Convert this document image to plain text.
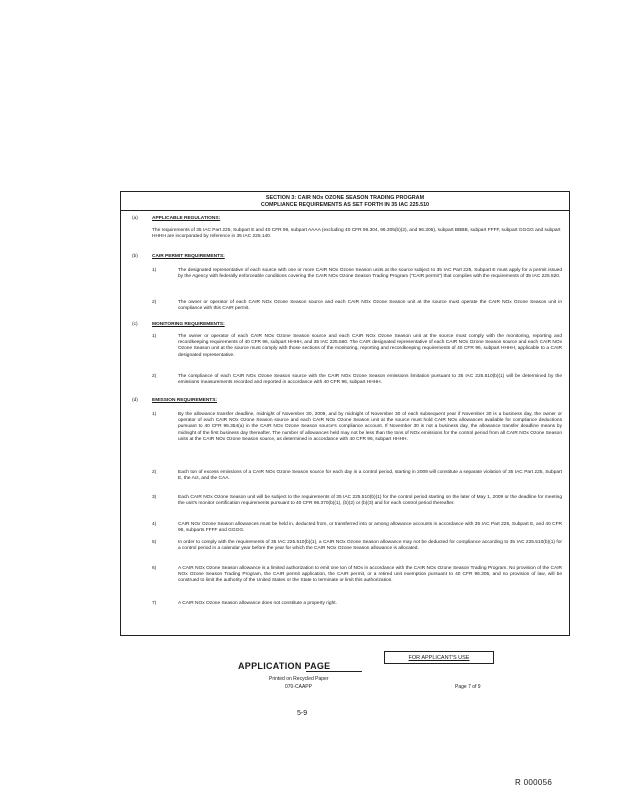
SECTION 3: CAIR NOx OZONE SEASON TRADING PROGRAM
COMPLIANCE REQUIREMENTS AS SET FORTH IN 35 IAC 225.510
(a)	APPLICABLE REGULATIONS:
The requirements of 35 IAC Part 225, Subpart E and 40 CFR 96, subpart AAAA (excluding 40 CFR 96.304, 96.305(b)(2), and 96.306), subpart BBBB, subpart FFFF, subpart GGGG and subpart HHHH are incorporated by reference in 35 IAC 225.140.
(b)	CAIR PERMIT REQUIREMENTS:
1)	The designated representative of each source with one or more CAIR NOx Ozone Season units at the source subject to 35 IAC Part 225, Subpart E must apply for a permit issued by the Agency with federally enforceable conditions covering the CAIR NOx Ozone Season Trading Program ("CAIR permit") that complies with the requirements of 35 IAC 225.520.
2)	The owner or operator of each CAIR NOx Ozone Season source and each CAIR NOx Ozone Season unit at the source must operate the CAIR NOx Ozone Season unit in compliance with this CAIR permit.
(c)	MONITORING REQUIREMENTS:
1)	The owner or operator of each CAIR NOx Ozone Season source and each CAIR NOx Ozone Season unit at the source must comply with the monitoring, reporting and recordkeeping requirements of 40 CFR 96, subpart HHHH, and 35 IAC 225.560. The CAIR designated representative of each CAIR NOx Ozone Season source and each CAIR NOx Ozone Season unit at the source must comply with those sections of the monitoring, reporting and recordkeeping requirements of 40 CFR 96, subpart HHHH, applicable to a CAIR designated representative.
2)	The compliance of each CAIR NOx Ozone Season source with the CAIR NOx Ozone Season emissions limitation pursuant to 35 IAC 225.510(b)(1) will be determined by the emissions measurements recorded and reported in accordance with 40 CFR 96, subpart HHHH.
(d)	EMISSION REQUIREMENTS:
1)	By the allowance transfer deadline, midnight of November 30, 2009, and by midnight of November 30 of each subsequent year if November 30 is a business day, the owner or operator of each CAIR NOx Ozone Season source and each CAIR NOx Ozone Season unit at the source must hold CAIR NOx allowances available for compliance deductions pursuant to 40 CFR 96.354(a) in the CAIR NOx Ozone Season source's compliance account. If November 30 is not a business day, the allowance transfer deadline means by midnight of the first business day thereafter. The number of allowances held may not be less than the tons of NOx emissions for the control period from all CAIR NOx Ozone Season units at the CAIR NOx Ozone Season source, as determined in accordance with 40 CFR 96, subpart HHHH.
2)	Each ton of excess emissions of a CAIR NOx Ozone Season source for each day in a control period, starting in 2009 will constitute a separate violation of 35 IAC Part 225, Subpart E, the Act, and the CAA.
3)	Each CAIR NOx Ozone Season unit will be subject to the requirements of 35 IAC 225.510(b)(1) for the control period starting on the later of May 1, 2009 or the deadline for meeting the unit's monitor certification requirements pursuant to 40 CFR 96.370(b)(1), (b)(2) or (b)(3) and for each control period thereafter.
4)	CAIR NOx Ozone Season allowances must be held in, deducted from, or transferred into or among allowance accounts in accordance with 35 IAC Part 225, Subpart E, and 40 CFR 96, subparts FFFF and GGGG.
5)	In order to comply with the requirements of 35 IAC 225.510(b)(1), a CAIR NOx Ozone Season allowance may not be deducted for compliance according to 35 IAC 225.510(b)(1) for a control period in a calendar year before the year for which the CAIR NOx Ozone Season allowance is allocated.
6)	A CAIR NOx Ozone Season allowance is a limited authorization to emit one ton of NOx in accordance with the CAIR NOx Ozone Season Trading Program. No provision of the CAIR NOx Ozone Season Trading Program, the CAIR permit application, the CAIR permit, or a retired unit exemption pursuant to 40 CFR 96.305, and no provision of law, will be construed to limit the authority of the United States or the State to terminate or limit this authorization.
7)	A CAIR NOx Ozone Season allowance does not constitute a property right.
FOR APPLICANT'S USE
APPLICATION PAGE
Printed on Recycled Paper
070-CAAPP	Page 7 of 9
5-9
R 000056
